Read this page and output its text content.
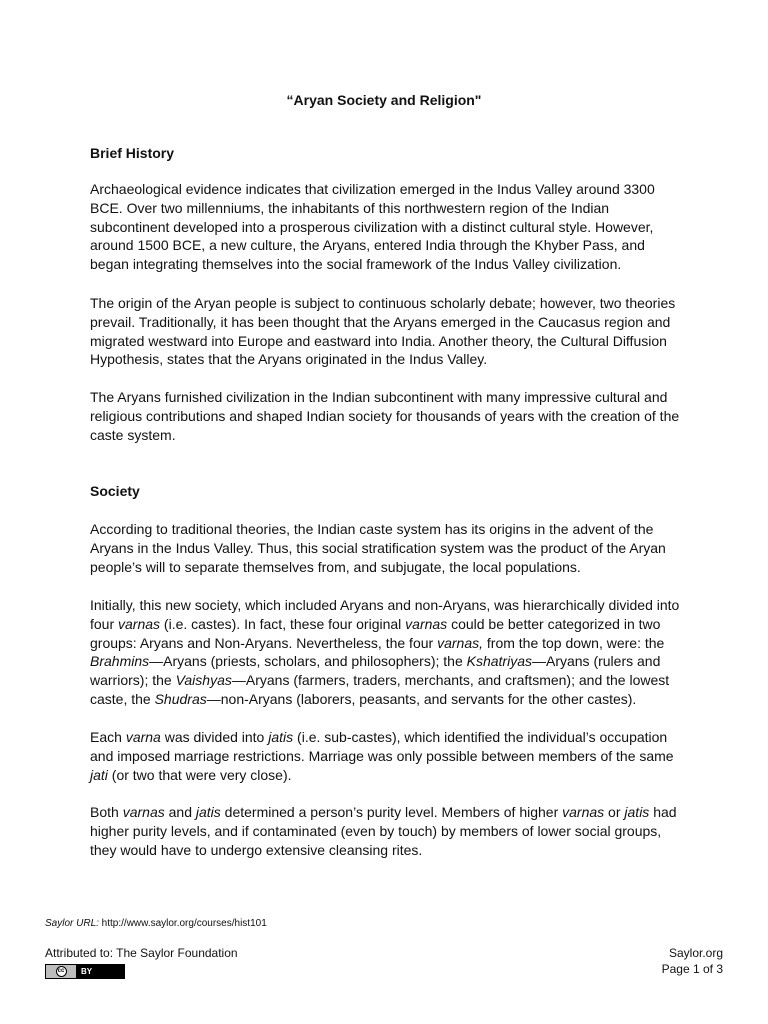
“Aryan Society and Religion"
Brief History

Archaeological evidence indicates that civilization emerged in the Indus Valley around 3300 BCE. Over two millenniums, the inhabitants of this northwestern region of the Indian subcontinent developed into a prosperous civilization with a distinct cultural style. However, around 1500 BCE, a new culture, the Aryans, entered India through the Khyber Pass, and began integrating themselves into the social framework of the Indus Valley civilization.

The origin of the Aryan people is subject to continuous scholarly debate; however, two theories prevail. Traditionally, it has been thought that the Aryans emerged in the Caucasus region and migrated westward into Europe and eastward into India. Another theory, the Cultural Diffusion Hypothesis, states that the Aryans originated in the Indus Valley.

The Aryans furnished civilization in the Indian subcontinent with many impressive cultural and religious contributions and shaped Indian society for thousands of years with the creation of the caste system.

Society

According to traditional theories, the Indian caste system has its origins in the advent of the Aryans in the Indus Valley. Thus, this social stratification system was the product of the Aryan people’s will to separate themselves from, and subjugate, the local populations.

Initially, this new society, which included Aryans and non-Aryans, was hierarchically divided into four varnas (i.e. castes). In fact, these four original varnas could be better categorized in two groups: Aryans and Non-Aryans. Nevertheless, the four varnas, from the top down, were: the Brahmins—Aryans (priests, scholars, and philosophers); the Kshatriyas—Aryans (rulers and warriors); the Vaishyas—Aryans (farmers, traders, merchants, and craftsmen); and the lowest caste, the Shudras—non-Aryans (laborers, peasants, and servants for the other castes).

Each varna was divided into jatis (i.e. sub-castes), which identified the individual’s occupation and imposed marriage restrictions. Marriage was only possible between members of the same jati (or two that were very close).

Both varnas and jatis determined a person’s purity level. Members of higher varnas or jatis had higher purity levels, and if contaminated (even by touch) by members of lower social groups, they would have to undergo extensive cleansing rites.

Saylor URL: http://www.saylor.org/courses/hist101
Attributed to: The Saylor Foundation
cc BY
Saylor.org
Page 1 of 3
